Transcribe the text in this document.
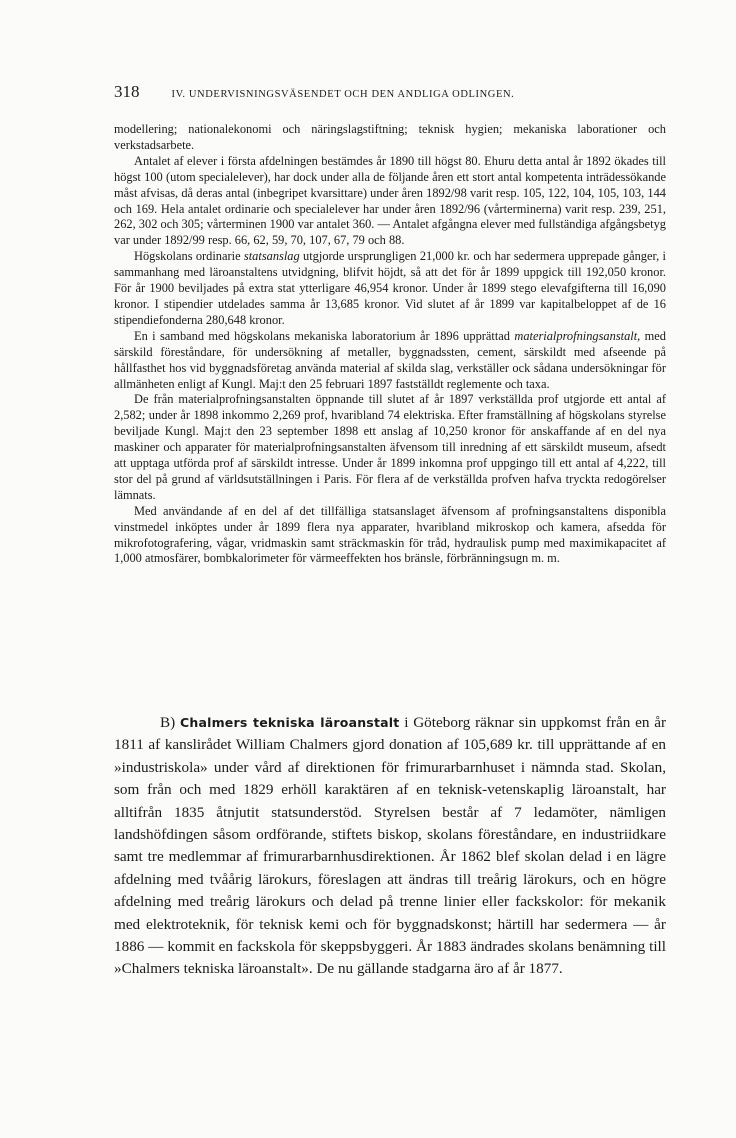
318	IV. UNDERVISNINGSVÄSENDET OCH DEN ANDLIGA ODLINGEN.

modellering; nationalekonomi och näringslagstiftning; teknisk hygien; mekaniska laborationer och verkstadsarbete.

Antalet af elever i första afdelningen bestämdes år 1890 till högst 80. Ehuru detta antal år 1892 ökades till högst 100 (utom specialelever), har dock under alla de följande åren ett stort antal kompetenta inträdessökande måst afvisas, då deras antal (inbegripet kvarsittare) under åren 1892/98 varit resp. 105, 122, 104, 105, 103, 144 och 169. Hela antalet ordinarie och specialelever har under åren 1892/96 (vårterminerna) varit resp. 239, 251, 262, 302 och 305; vårterminen 1900 var antalet 360. — Antalet afgångna elever med fullständiga afgångsbetyg var under 1892/99 resp. 66, 62, 59, 70, 107, 67, 79 och 88.

Högskolans ordinarie statsanslag utgjorde ursprungligen 21,000 kr. och har sedermera upprepade gånger, i sammanhang med läroanstaltens utvidgning, blifvit höjdt, så att det för år 1899 uppgick till 192,050 kronor. För år 1900 beviljades på extra stat ytterligare 46,954 kronor. Under år 1899 stego elevafgifterna till 16,090 kronor. I stipendier utdelades samma år 13,685 kronor. Vid slutet af år 1899 var kapitalbeloppet af de 16 stipendiefonderna 280,648 kronor.

En i samband med högskolans mekaniska laboratorium år 1896 upprättad materialprofningsanstalt, med särskild föreståndare, för undersökning af metaller, byggnadssten, cement, särskildt med afseende på hållfasthet hos vid byggnadsföretag använda material af skilda slag, verkställer ock sådana undersökningar för allmänheten enligt af Kungl. Maj:t den 25 februari 1897 fastställdt reglemente och taxa.

De från materialprofningsanstalten öppnande till slutet af år 1897 verkställda prof utgjorde ett antal af 2,582; under år 1898 inkommo 2,269 prof, hvaribland 74 elektriska. Efter framställning af högskolans styrelse beviljade Kungl. Maj:t den 23 september 1898 ett anslag af 10,250 kronor för anskaffande af en del nya maskiner och apparater för materialprofningsanstalten äfvensom till inredning af ett särskildt museum, afsedt att upptaga utförda prof af särskildt intresse. Under år 1899 inkomna prof uppgingo till ett antal af 4,222, till stor del på grund af världsutställningen i Paris. För flera af de verkställda profven hafva tryckta redogörelser lämnats.

Med användande af en del af det tillfälliga statsanslaget äfvensom af profningsanstaltens disponibla vinstmedel inköptes under år 1899 flera nya apparater, hvaribland mikroskop och kamera, afsedda för mikrofotografering, vågar, vridmaskin samt sträckmaskin för tråd, hydraulisk pump med maximikapacitet af 1,000 atmosfärer, bombkalorimeter för värmeeffekten hos bränsle, förbränningsugn m. m.

B) Chalmers tekniska läroanstalt i Göteborg räknar sin uppkomst från en år 1811 af kanslirådet William Chalmers gjord donation af 105,689 kr. till upprättande af en »industriskola» under vård af direktionen för frimurarbarnhuset i nämnda stad. Skolan, som från och med 1829 erhöll karaktären af en teknisk-vetenskaplig läroanstalt, har alltifrån 1835 åtnjutit statsunderstöd. Styrelsen består af 7 ledamöter, nämligen landshöfdingen såsom ordförande, stiftets biskop, skolans föreståndare, en industriidkare samt tre medlemmar af frimurarbarnhusdirektionen. År 1862 blef skolan delad i en lägre afdelning med tvåårig lärokurs, föreslagen att ändras till treårig lärokurs, och en högre afdelning med treårig lärokurs och delad på trenne linier eller fackskolor: för mekanik med elektroteknik, för teknisk kemi och för byggnadskonst; härtill har sedermera — år 1886 — kommit en fackskola för skeppsbyggeri. År 1883 ändrades skolans benämning till »Chalmers tekniska läroanstalt». De nu gällande stadgarna äro af år 1877.
